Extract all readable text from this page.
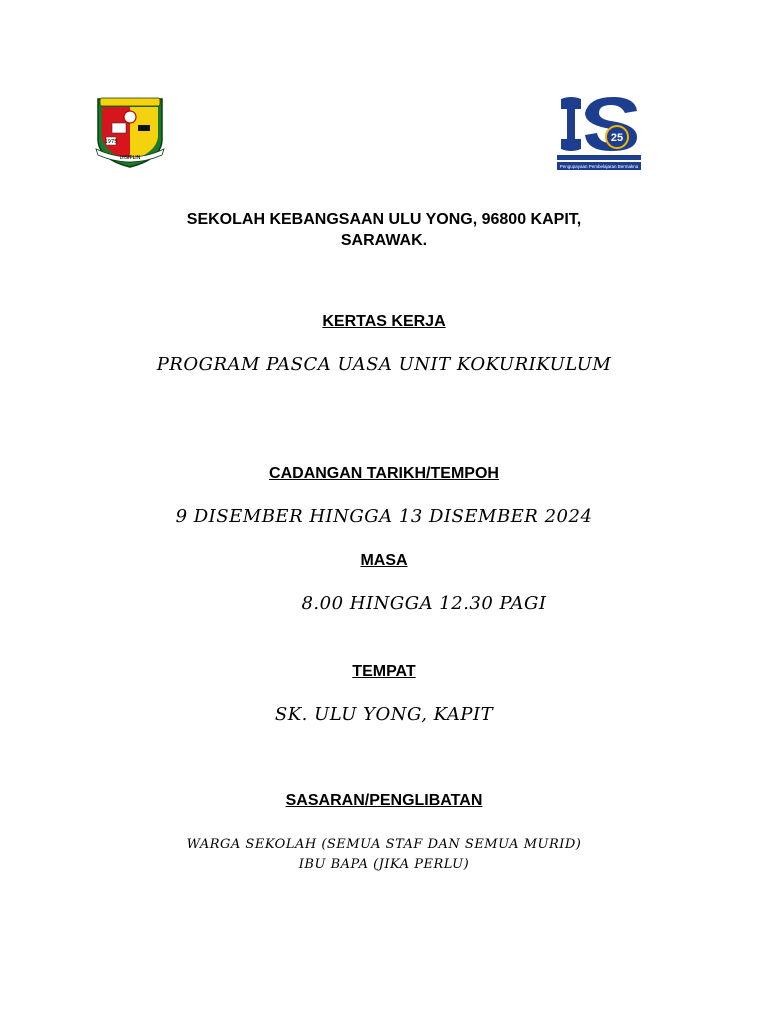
1975
DISIPLIN
25
Pengupayaan Pembelajaran Bermakna
SEKOLAH KEBANGSAAN ULU YONG, 96800 KAPIT,
SARAWAK.
KERTAS KERJA
PROGRAM PASCA UASA UNIT KOKURIKULUM
CADANGAN TARIKH/TEMPOH
9 DISEMBER HINGGA 13 DISEMBER 2024
MASA
8.00 HINGGA 12.30 PAGI
TEMPAT
SK. ULU YONG, KAPIT
SASARAN/PENGLIBATAN
WARGA SEKOLAH (SEMUA STAF DAN SEMUA MURID)
IBU BAPA (JIKA PERLU)
